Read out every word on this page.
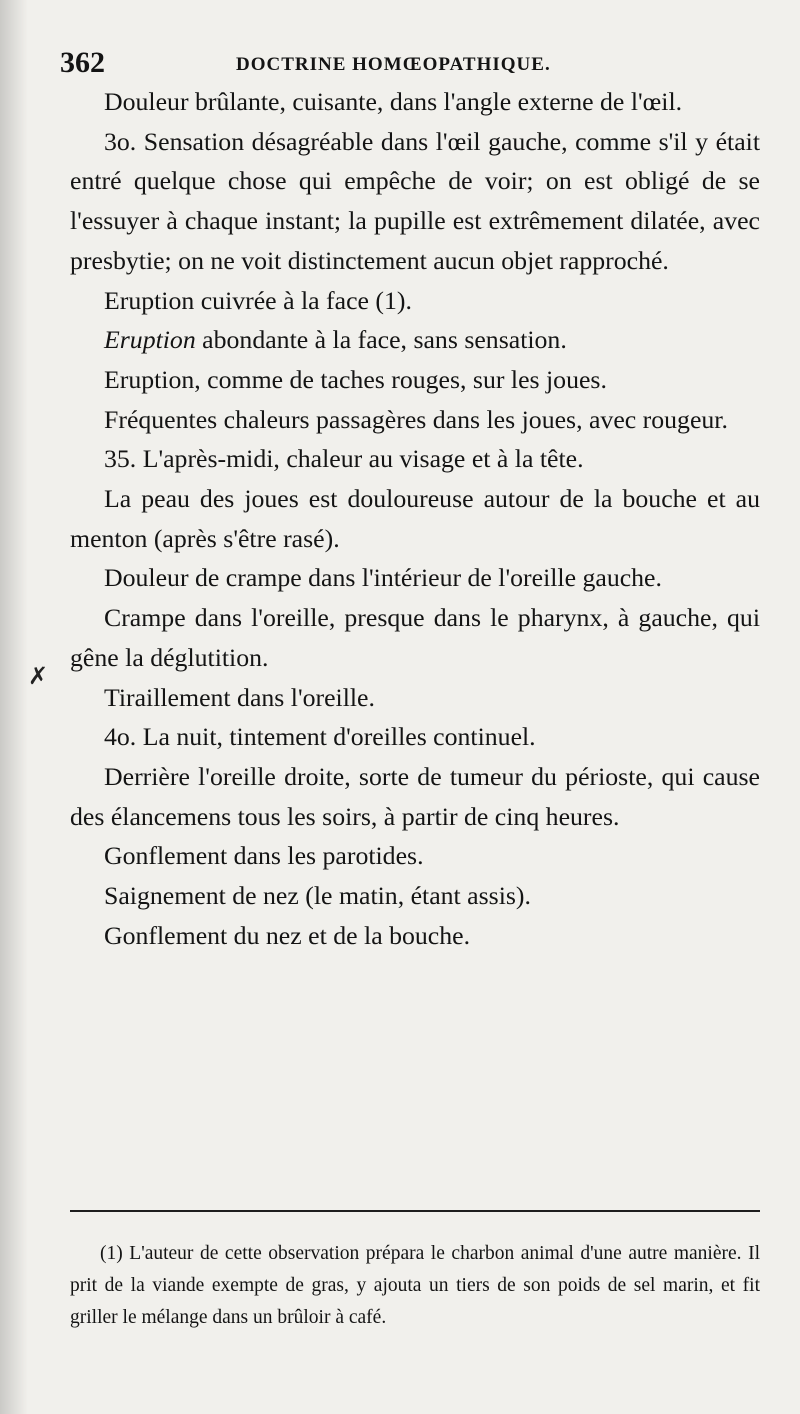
362	DOCTRINE HOMŒOPATHIQUE.
✗

Douleur brûlante, cuisante, dans l'angle externe de l'œil.

3o. Sensation désagréable dans l'œil gauche, comme s'il y était entré quelque chose qui empêche de voir; on est obligé de se l'essuyer à chaque instant; la pupille est extrêmement dilatée, avec presbytie; on ne voit distinctement aucun objet rapproché.

Eruption cuivrée à la face (1).

Eruption abondante à la face, sans sensation.

Eruption, comme de taches rouges, sur les joues.

Fréquentes chaleurs passagères dans les joues, avec rougeur.

35. L'après-midi, chaleur au visage et à la tête.

La peau des joues est douloureuse autour de la bouche et au menton (après s'être rasé).

Douleur de crampe dans l'intérieur de l'oreille gauche.

Crampe dans l'oreille, presque dans le pharynx, à gauche, qui gêne la déglutition.

Tiraillement dans l'oreille.

4o. La nuit, tintement d'oreilles continuel.

Derrière l'oreille droite, sorte de tumeur du périoste, qui cause des élancemens tous les soirs, à partir de cinq heures.

Gonflement dans les parotides.

Saignement de nez (le matin, étant assis).

Gonflement du nez et de la bouche.

(1) L'auteur de cette observation prépara le charbon animal d'une autre manière. Il prit de la viande exempte de gras, y ajouta un tiers de son poids de sel marin, et fit griller le mélange dans un brûloir à café.
